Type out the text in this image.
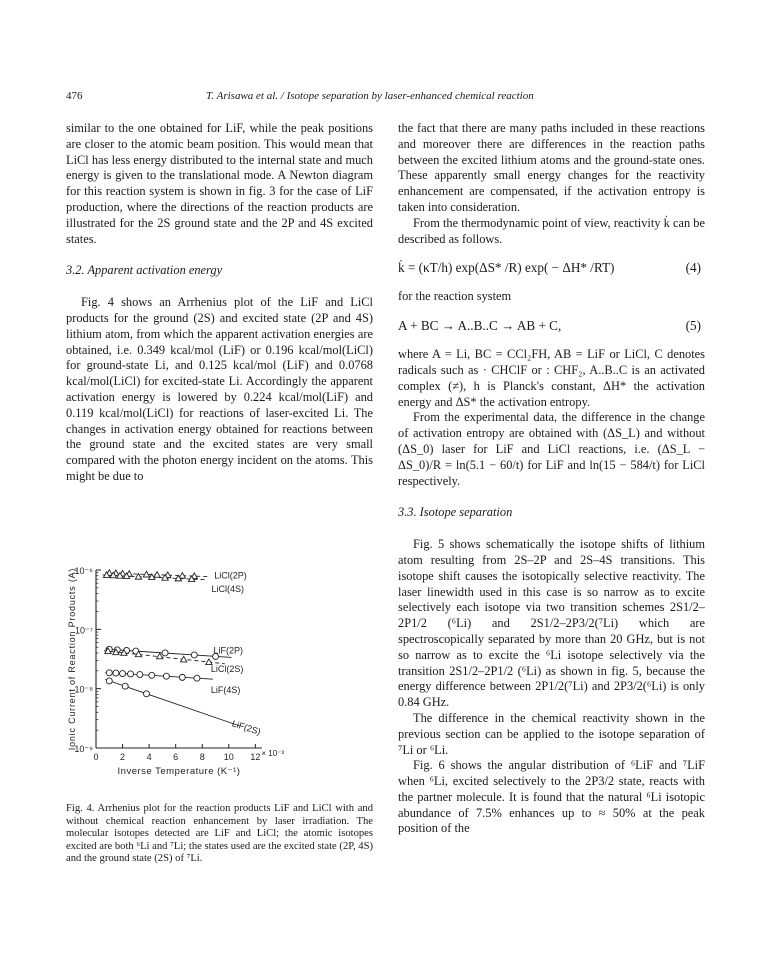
476	T. Arisawa et al. / Isotope separation by laser-enhanced chemical reaction

similar to the one obtained for LiF, while the peak positions are closer to the atomic beam position. This would mean that LiCl has less energy distributed to the internal state and much energy is given to the translational mode. A Newton diagram for this reaction system is shown in fig. 3 for the case of LiF production, where the directions of the reaction products are illustrated for the 2S ground state and the 2P and 4S excited states.

3.2. Apparent activation energy

Fig. 4 shows an Arrhenius plot of the LiF and LiCl products for the ground (2S) and excited state (2P and 4S) lithium atom, from which the apparent activation energies are obtained, i.e. 0.349 kcal/mol (LiF) or 0.196 kcal/mol(LiCl) for ground-state Li, and 0.125 kcal/mol (LiF) and 0.0768 kcal/mol(LiCl) for excited-state Li. Accordingly the apparent activation energy is lowered by 0.224 kcal/mol(LiF) and 0.119 kcal/mol(LiCl) for reactions of laser-excited Li. The changes in activation energy obtained for reactions between the ground state and the excited states are very small compared with the photon energy incident on the atoms. This might be due to

0 2 4 6 8 10 12 × 10⁻³
10⁻⁹
10⁻⁸
10⁻⁷
10⁻⁶
Inverse Temperature (K⁻¹)
Ionic Current of Reaction Products (A)	LiCl(2P)
LiCl(4S)
LiF(2P)
LiCl(2S)
LiF(4S)
LiF(2S)

Fig. 4. Arrhenius plot for the reaction products LiF and LiCl with and without chemical reaction enhancement by laser irradiation. The molecular isotopes detected are LiF and LiCl; the atomic isotopes excited are both ⁶Li and ⁷Li; the states used are the excited state (2P, 4S) and the ground state (2S) of ⁷Li.

the fact that there are many paths included in these reactions and moreover there are differences in the reaction paths between the excited lithium atoms and the ground-state ones. These apparently small energy changes for the reactivity enhancement are compensated, if the activation entropy is taken into consideration.

From the thermodynamic point of view, reactivity k̇ can be described as follows.

k̇ = (κT/h) exp(ΔS* /R) exp( − ΔH* /RT)	(4)

for the reaction system

A + BC → A..B..C → AB + C,	(5)

where A = Li, BC = CCl₂FH, AB = LiF or LiCl, C denotes radicals such as · CHClF or : CHF₂, A..B..C is an activated complex (≠), h is Planck's constant, ΔH* the activation energy and ΔS* the activation entropy.

From the experimental data, the difference in the change of activation entropy are obtained with (ΔS_L) and without (ΔS_0) laser for LiF and LiCl reactions, i.e. (ΔS_L − ΔS_0)/R = ln(5.1 − 60/t) for LiF and ln(15 − 584/t) for LiCl respectively.

3.3. Isotope separation

Fig. 5 shows schematically the isotope shifts of lithium atom resulting from 2S–2P and 2S–4S transitions. This isotope shift causes the isotopically selective reactivity. The laser linewidth used in this case is so narrow as to excite selectively each isotope via two transition schemes 2S1/2–2P1/2 (⁶Li) and 2S1/2–2P3/2(⁷Li) which are spectroscopically separated by more than 20 GHz, but is not so narrow as to excite the ⁶Li isotope selectively via the transition 2S1/2–2P1/2 (⁶Li) as shown in fig. 5, because the energy difference between 2P1/2(⁷Li) and 2P3/2(⁶Li) is only 0.84 GHz.

The difference in the chemical reactivity shown in the previous section can be applied to the isotope separation of ⁷Li or ⁶Li.

Fig. 6 shows the angular distribution of ⁶LiF and ⁷LiF when ⁶Li, excited selectively to the 2P3/2 state, reacts with the partner molecule. It is found that the natural ⁶Li isotopic abundance of 7.5% enhances up to ≈ 50% at the peak position of the
